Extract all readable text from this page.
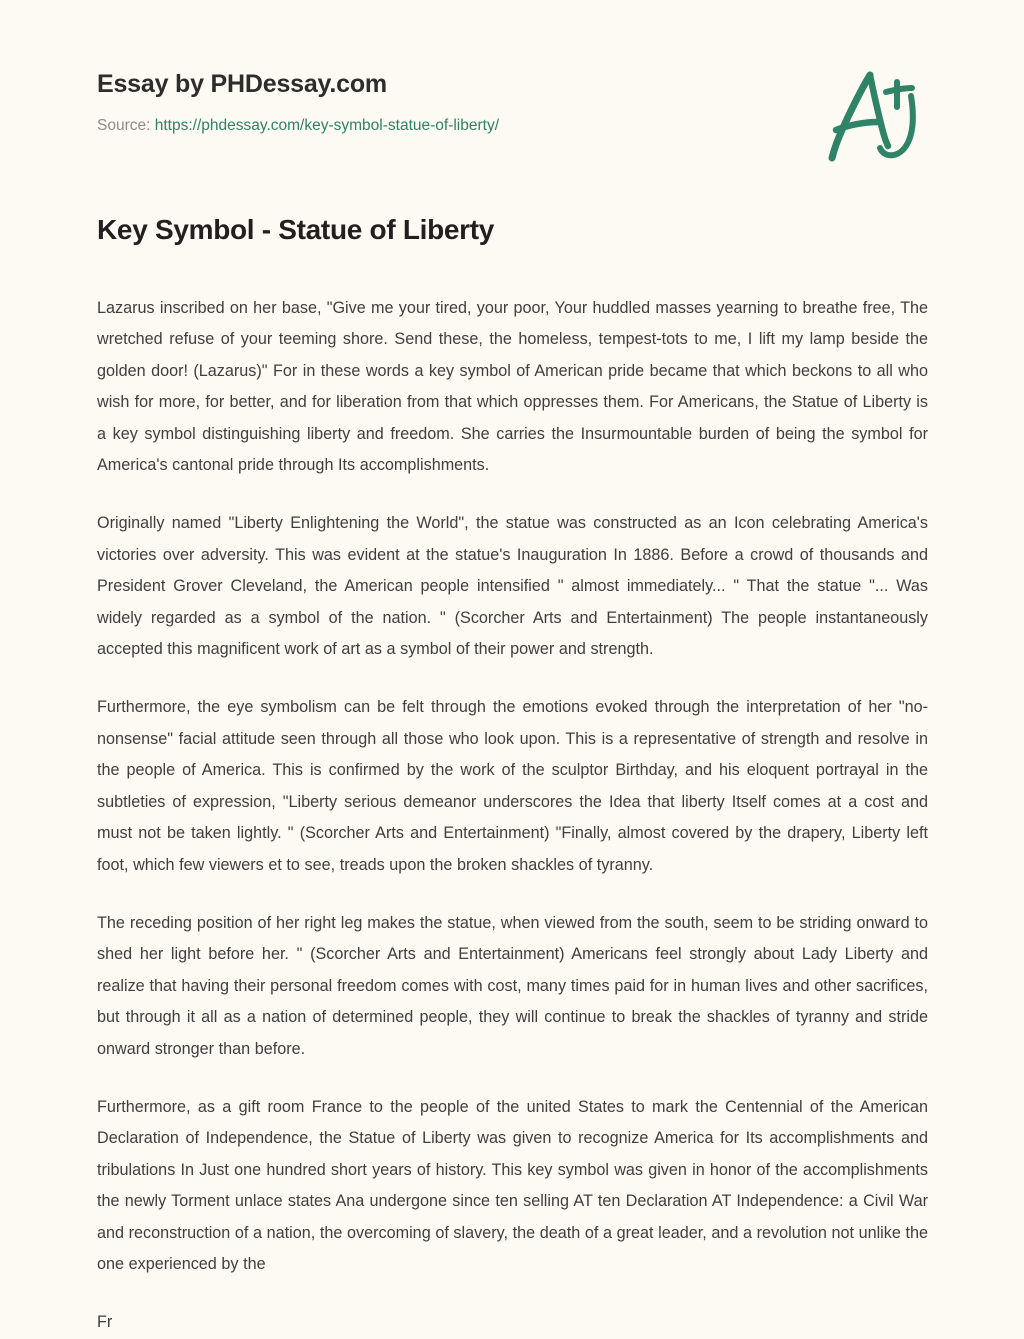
Essay by PHDessay.com
Source: https://phdessay.com/key-symbol-statue-of-liberty/
Key Symbol - Statue of Liberty

Lazarus inscribed on her base, "Give me your tired, your poor, Your huddled masses yearning to breathe free, The wretched refuse of your teeming shore. Send these, the homeless, tempest-tots to me, I lift my lamp beside the golden door! (Lazarus)" For in these words a key symbol of American pride became that which beckons to all who wish for more, for better, and for liberation from that which oppresses them. For Americans, the Statue of Liberty is a key symbol distinguishing liberty and freedom. She carries the Insurmountable burden of being the symbol for America's cantonal pride through Its accomplishments.

Originally named "Liberty Enlightening the World", the statue was constructed as an Icon celebrating America's victories over adversity. This was evident at the statue's Inauguration In 1886. Before a crowd of thousands and President Grover Cleveland, the American people intensified " almost immediately... " That the statue "... Was widely regarded as a symbol of the nation. " (Scorcher Arts and Entertainment) The people instantaneously accepted this magnificent work of art as a symbol of their power and strength.

Furthermore, the eye symbolism can be felt through the emotions evoked through the interpretation of her "no-nonsense" facial attitude seen through all those who look upon. This is a representative of strength and resolve in the people of America. This is confirmed by the work of the sculptor Birthday, and his eloquent portrayal in the subtleties of expression, "Liberty serious demeanor underscores the Idea that liberty Itself comes at a cost and must not be taken lightly. " (Scorcher Arts and Entertainment) "Finally, almost covered by the drapery, Liberty left foot, which few viewers et to see, treads upon the broken shackles of tyranny.

The receding position of her right leg makes the statue, when viewed from the south, seem to be striding onward to shed her light before her. " (Scorcher Arts and Entertainment) Americans feel strongly about Lady Liberty and realize that having their personal freedom comes with cost, many times paid for in human lives and other sacrifices, but through it all as a nation of determined people, they will continue to break the shackles of tyranny and stride onward stronger than before.

Furthermore, as a gift room France to the people of the united States to mark the Centennial of the American Declaration of Independence, the Statue of Liberty was given to recognize America for Its accomplishments and tribulations In Just one hundred short years of history. This key symbol was given in honor of the accomplishments the newly Torment unlace states Ana undergone since ten selling AT ten Declaration AT Independence: a Civil War and reconstruction of a nation, the overcoming of slavery, the death of a great leader, and a revolution not unlike the one experienced by the

Fr
